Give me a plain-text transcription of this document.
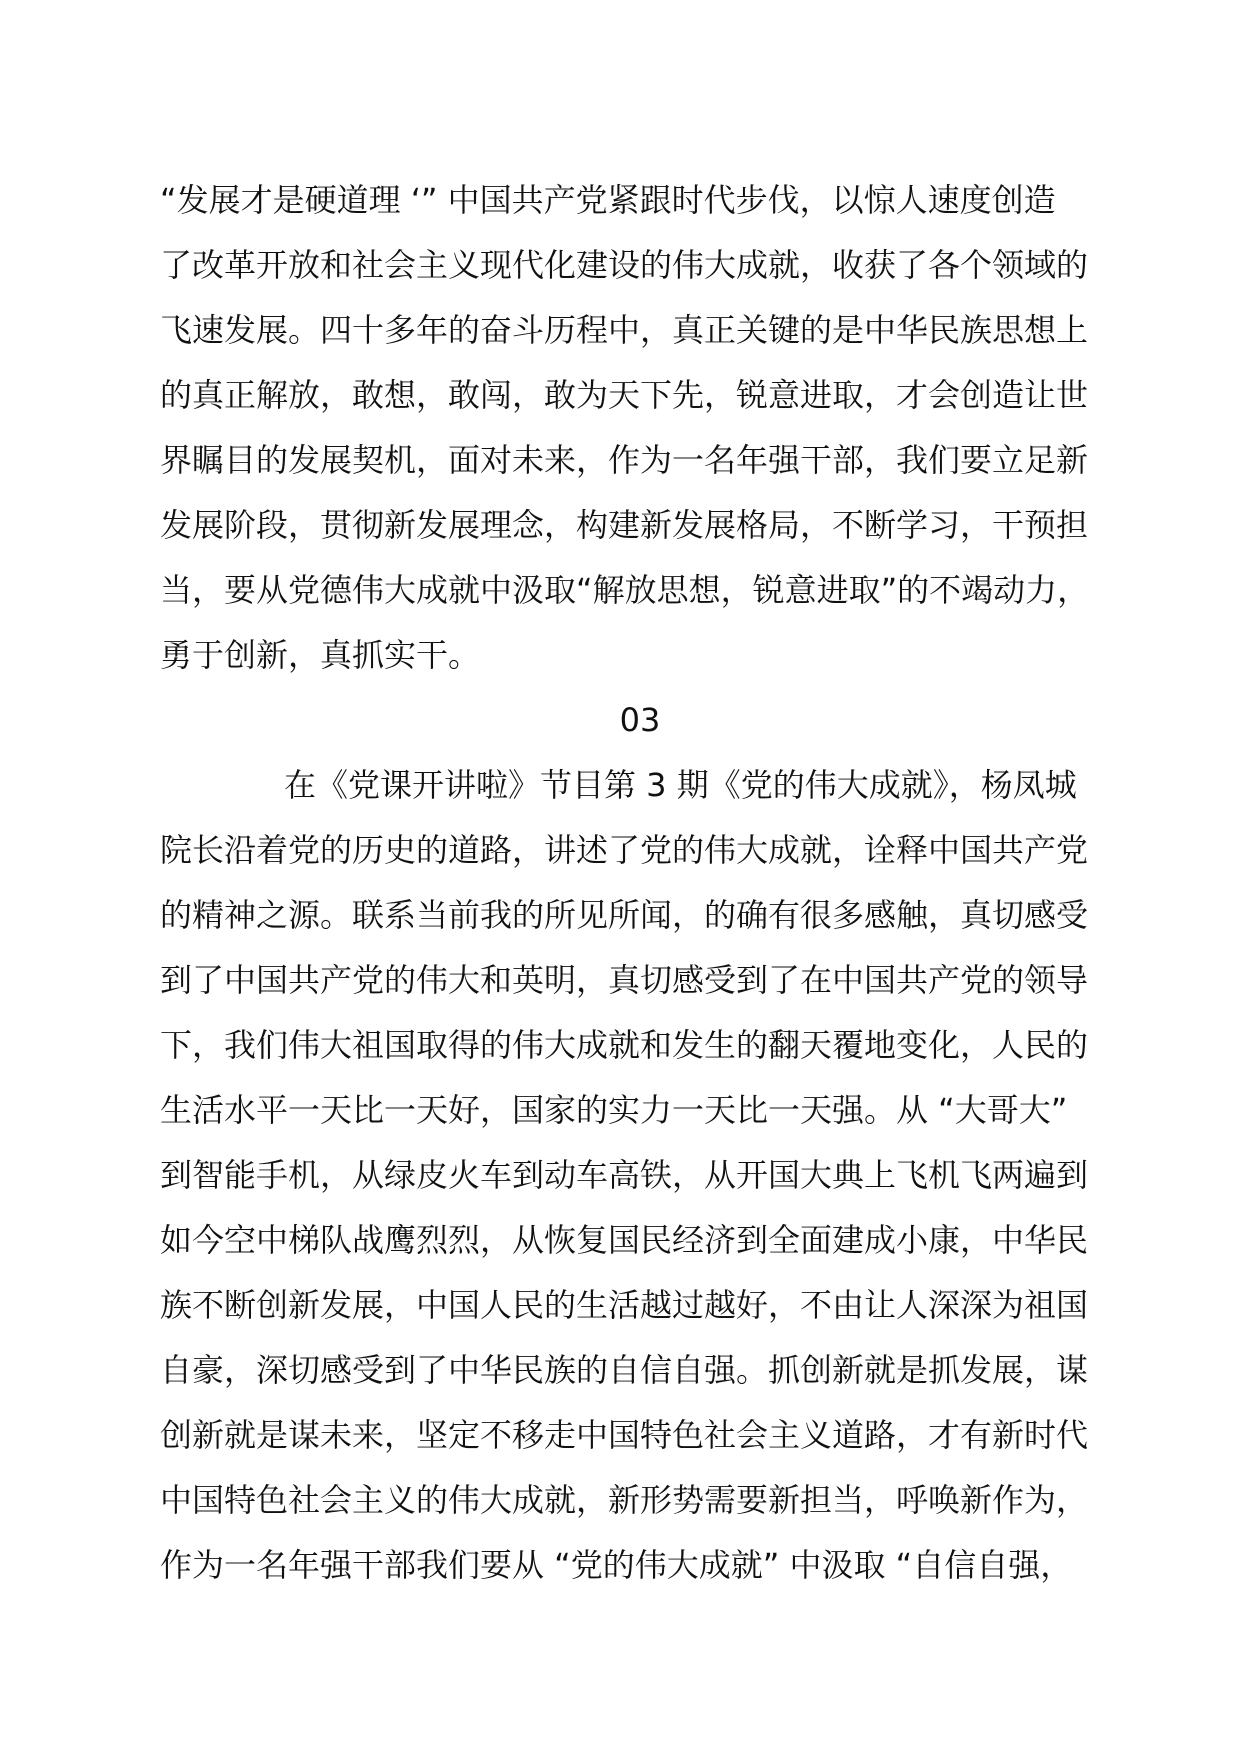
“发展才是硬道理 ‘” 中国共产党紧跟时代步伐，以惊人速度创造
了改革开放和社会主义现代化建设的伟大成就，收获了各个领域的
飞速发展。四十多年的奋斗历程中，真正关键的是中华民族思想上
的真正解放，敢想，敢闯，敢为天下先，锐意进取，才会创造让世
界瞩目的发展契机，面对未来，作为一名年强干部，我们要立足新
发展阶段，贯彻新发展理念，构建新发展格局，不断学习，干预担
当，要从党德伟大成就中汲取“解放思想，锐意进取”的不竭动力，
勇于创新，真抓实干。
03
在《党课开讲啦》节目第 3 期《党的伟大成就》，杨凤城
院长沿着党的历史的道路，讲述了党的伟大成就，诠释中国共产党
的精神之源。联系当前我的所见所闻，的确有很多感触，真切感受
到了中国共产党的伟大和英明，真切感受到了在中国共产党的领导
下，我们伟大祖国取得的伟大成就和发生的翻天覆地变化，人民的
生活水平一天比一天好，国家的实力一天比一天强。从 “大哥大”
到智能手机，从绿皮火车到动车高铁，从开国大典上飞机飞两遍到
如今空中梯队战鹰烈烈，从恢复国民经济到全面建成小康，中华民
族不断创新发展，中国人民的生活越过越好，不由让人深深为祖国
自豪，深切感受到了中华民族的自信自强。抓创新就是抓发展，谋
创新就是谋未来，坚定不移走中国特色社会主义道路，才有新时代
中国特色社会主义的伟大成就，新形势需要新担当，呼唤新作为，
作为一名年强干部我们要从 “党的伟大成就” 中汲取 “自信自强，
